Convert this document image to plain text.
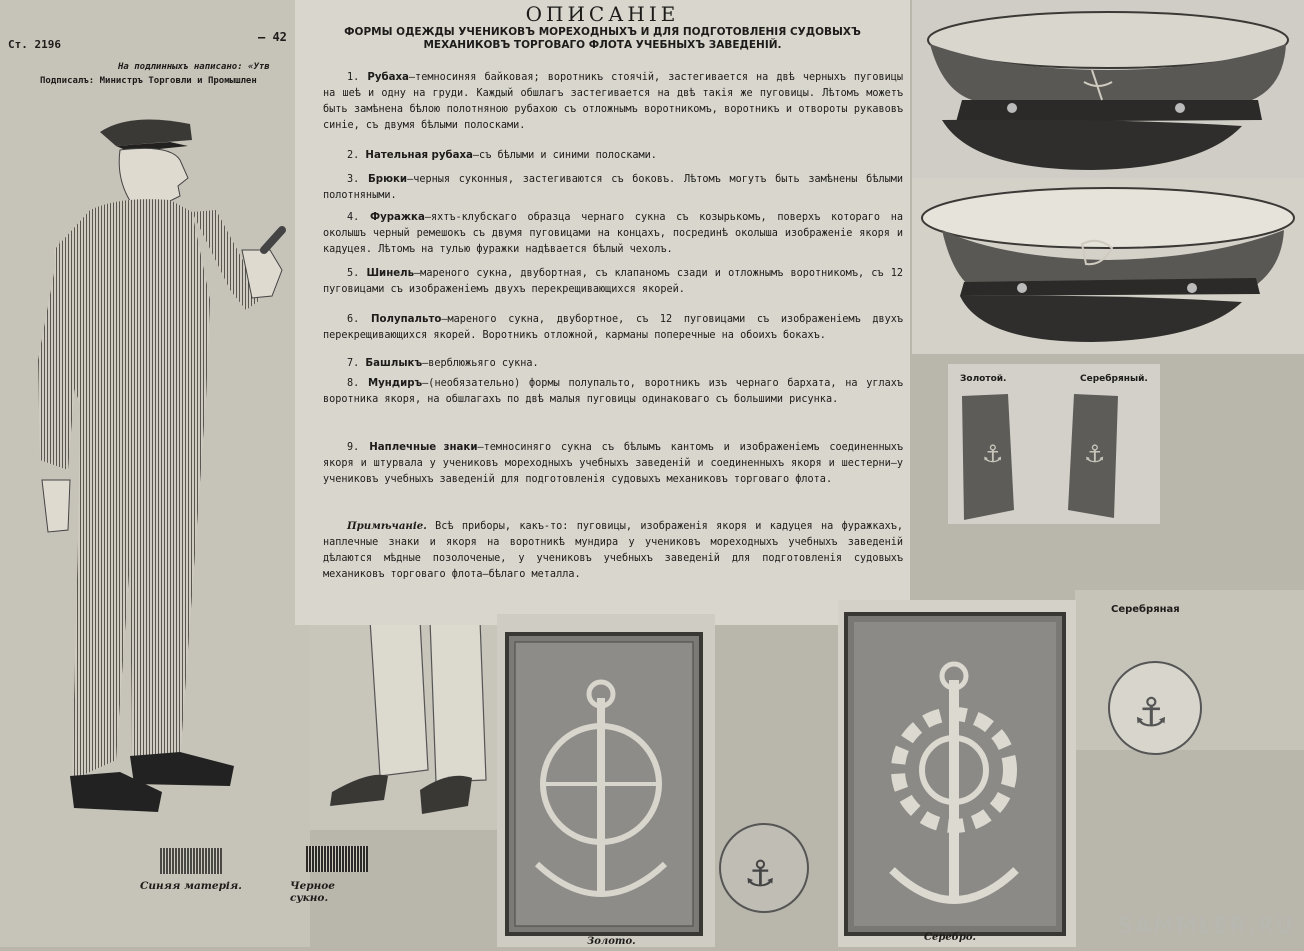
Ст. 2196
— 42
На подлинныхъ написано: «Утв
Подписалъ: Министръ Торговли и Промышлен
Синяя матерія.	Черное сукно.
ОПИСАНІЕ
ФОРМЫ ОДЕЖДЫ УЧЕНИКОВЪ МОРЕХОДНЫХЪ И ДЛЯ ПОДГОТОВЛЕНІЯ СУДОВЫХЪ МЕХАНИКОВЪ ТОРГОВАГО ФЛОТА УЧЕБНЫХЪ ЗАВЕДЕНІЙ.
1. Рубаха—темносиняя байковая; воротникъ стоячій, застегивается на двѣ черныхъ пуговицы на шеѣ и одну на груди. Каждый обшлагъ застегивается на двѣ такія же пуговицы. Лѣтомъ можетъ быть замѣнена бѣлою полотняною рубахою съ отложнымъ воротникомъ, воротникъ и отвороты рукавовъ синіе, съ двумя бѣлыми полосками.
2. Нательная рубаха—съ бѣлыми и синими полосками.
3. Брюки—черныя суконныя, застегиваются съ боковъ. Лѣтомъ могутъ быть замѣнены бѣлыми полотняными.
4. Фуражка—яхтъ-клубскаго образца чернаго сукна съ козырькомъ, поверхъ котораго на околышъ черный ремешокъ съ двумя пуговицами на концахъ, посрединѣ околыша изображеніе якоря и кадуцея. Лѣтомъ на тулью фуражки надѣвается бѣлый чехолъ.
5. Шинель—мареного сукна, двубортная, съ клапаномъ сзади и отложнымъ воротникомъ, съ 12 пуговицами съ изображеніемъ двухъ перекрещивающихся якорей.
6. Полупальто—мареного сукна, двубортное, съ 12 пуговицами съ изображеніемъ двухъ перекрещивающихся якорей. Воротникъ отложной, карманы поперечные на обоихъ бокахъ.
7. Башлыкъ—верблюжьяго сукна.
8. Мундиръ—(необязательно) формы полупальто, воротникъ изъ чернаго бархата, на углахъ воротника якоря, на обшлагахъ по двѣ малыя пуговицы одинаковаго съ большими рисунка.
9. Наплечные знаки—темносиняго сукна съ бѣлымъ кантомъ и изображеніемъ соединенныхъ якоря и штурвала у учениковъ мореходныхъ учебныхъ заведеній и соединенныхъ якоря и шестерни—у учениковъ учебныхъ заведеній для подготовленія судовыхъ механиковъ торговаго флота.
Примѣчаніе. Всѣ приборы, какъ-то: пуговицы, изображенія якоря и кадуцея на фуражкахъ, наплечные знаки и якоря на воротникѣ мундира у учениковъ мореходныхъ учебныхъ заведеній дѣлаются мѣдные позолоченые, у учениковъ учебныхъ заведеній для подготовленія судовыхъ механиковъ торговаго флота—бѣлаго металла.
Золотой.	Серебряный.
⚓	⚓
Серебряная
⚓
Золото.
⚓
Серебро.	SAMMLER.RU
